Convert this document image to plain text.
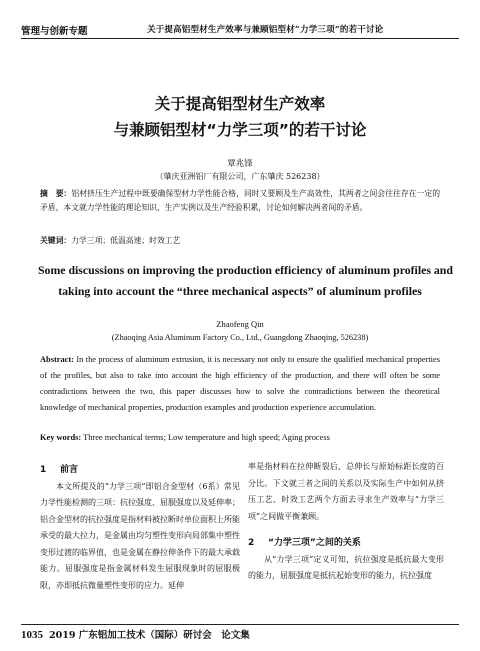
管理与创新专题	关于提高铝型材生产效率与兼顾铝型材“力学三项”的若干讨论
关于提高铝型材生产效率
与兼顾铝型材“力学三项”的若干讨论
覃兆锋
（肇庆亚洲铝厂有限公司，广东肇庆 526238）
摘　要：铝材挤压生产过程中既要确保型材力学性能合格，同时又要顾及生产高效性，其两者之间会往往存在一定的矛盾，本文就力学性能的理论知识、生产实例以及生产经验积累，讨论如何解决两者间的矛盾。
关键词：力学三项；低温高速；时效工艺
Some discussions on improving the production efficiency of aluminum profiles and
taking into account the “three mechanical aspects” of aluminum profiles
Zhaofeng Qin
(Zhaoqing Asia Aluminum Factory Co., Ltd., Guangdong Zhaoqing, 526238)
Abstract: In the process of aluminum extrusion, it is necessary not only to ensure the qualified mechanical properties of the profiles, but also to take into account the high efficiency of the production, and there will often be some contradictions between the two, this paper discusses how to solve the contradictions between the theoretical knowledge of mechanical properties, production examples and production experience accumulation.
Key words: Three mechanical terms; Low temperature and high speed; Aging process
1 前言

本文所提及的“力学三项”即铝合金型材（6系）常见力学性能检测的三项：抗拉强度、屈服强度以及延伸率；铝合金型材的抗拉强度是指材料被拉断时单位面积上所能承受的最大拉力，是金属由均匀塑性变形向局部集中塑性变形过渡的临界值，也是金属在静拉伸条件下的最大承载能力。屈服强度是指金属材料发生屈服现象时的屈服极限，亦即抵抗微量塑性变形的应力。延伸

率是指材料在拉伸断裂后，总伸长与原始标距长度的百分比。下文就三者之间的关系以及实际生产中如何从挤压工艺、时效工艺两个方面去寻求生产效率与“力学三项”之间做平衡兼顾。

2 “力学三项”之间的关系

从“力学三项”定义可知，抗拉强度是抵抗最大变形的能力，屈服强度是抵抗起始变形的能力，抗拉强度

1035 2019 广东铝加工技术（国际）研讨会　论文集
